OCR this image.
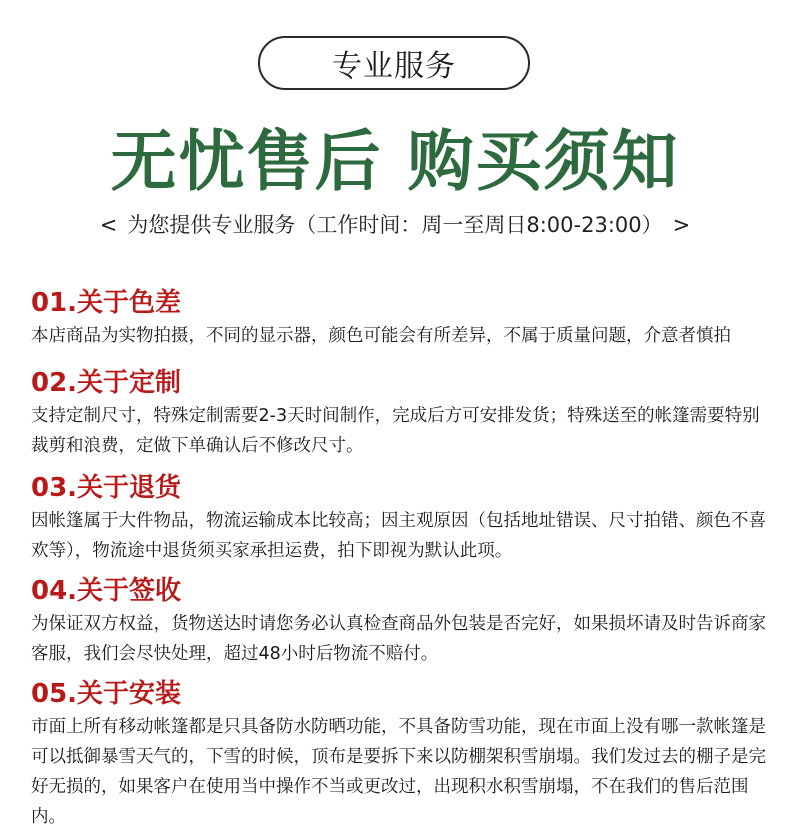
专业服务
无忧售后 购买须知
< 为您提供专业服务（工作时间：周一至周日8:00-23:00） >
01.关于色差

本店商品为实物拍摄，不同的显示器，颜色可能会有所差异，不属于质量问题，介意者慎拍

02.关于定制

支持定制尺寸，特殊定制需要2-3天时间制作，完成后方可安排发货；特殊送至的帐篷需要特别裁剪和浪费，定做下单确认后不修改尺寸。

03.关于退货

因帐篷属于大件物品，物流运输成本比较高；因主观原因（包括地址错误、尺寸拍错、颜色不喜欢等），物流途中退货须买家承担运费，拍下即视为默认此项。

04.关于签收

为保证双方权益，货物送达时请您务必认真检查商品外包装是否完好，如果损坏请及时告诉商家客服，我们会尽快处理，超过48小时后物流不赔付。

05.关于安装

市面上所有移动帐篷都是只具备防水防晒功能，不具备防雪功能，现在市面上没有哪一款帐篷是可以抵御暴雪天气的，下雪的时候，顶布是要拆下来以防棚架积雪崩塌。我们发过去的棚子是完好无损的，如果客户在使用当中操作不当或更改过，出现积水积雪崩塌，不在我们的售后范围内。
